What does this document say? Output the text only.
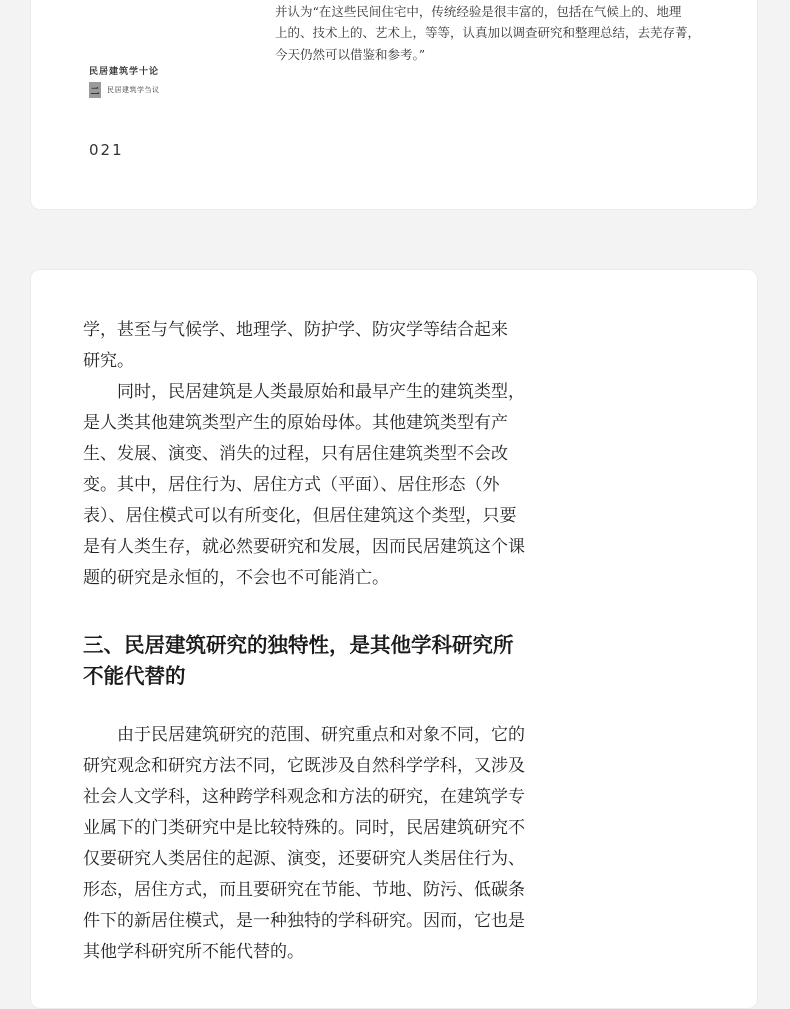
并认为“在这些民间住宅中，传统经验是很丰富的，包括在气候上的、地理
上的、技术上的、艺术上，等等，认真加以调查研究和整理总结，去芜存菁，
今天仍然可以借鉴和参考。”
民居建筑学十论
二 民居建筑学刍议
021
学，甚至与气候学、地理学、防护学、防灾学等结合起来
研究。
同时，民居建筑是人类最原始和最早产生的建筑类型，
是人类其他建筑类型产生的原始母体。其他建筑类型有产
生、发展、演变、消失的过程，只有居住建筑类型不会改
变。其中，居住行为、居住方式（平面）、居住形态（外
表）、居住模式可以有所变化，但居住建筑这个类型，只要
是有人类生存，就必然要研究和发展，因而民居建筑这个课
题的研究是永恒的，不会也不可能消亡。
三、民居建筑研究的独特性，是其他学科研究所
不能代替的
由于民居建筑研究的范围、研究重点和对象不同，它的
研究观念和研究方法不同，它既涉及自然科学学科，又涉及
社会人文学科，这种跨学科观念和方法的研究，在建筑学专
业属下的门类研究中是比较特殊的。同时，民居建筑研究不
仅要研究人类居住的起源、演变，还要研究人类居住行为、
形态，居住方式，而且要研究在节能、节地、防污、低碳条
件下的新居住模式，是一种独特的学科研究。因而，它也是
其他学科研究所不能代替的。
